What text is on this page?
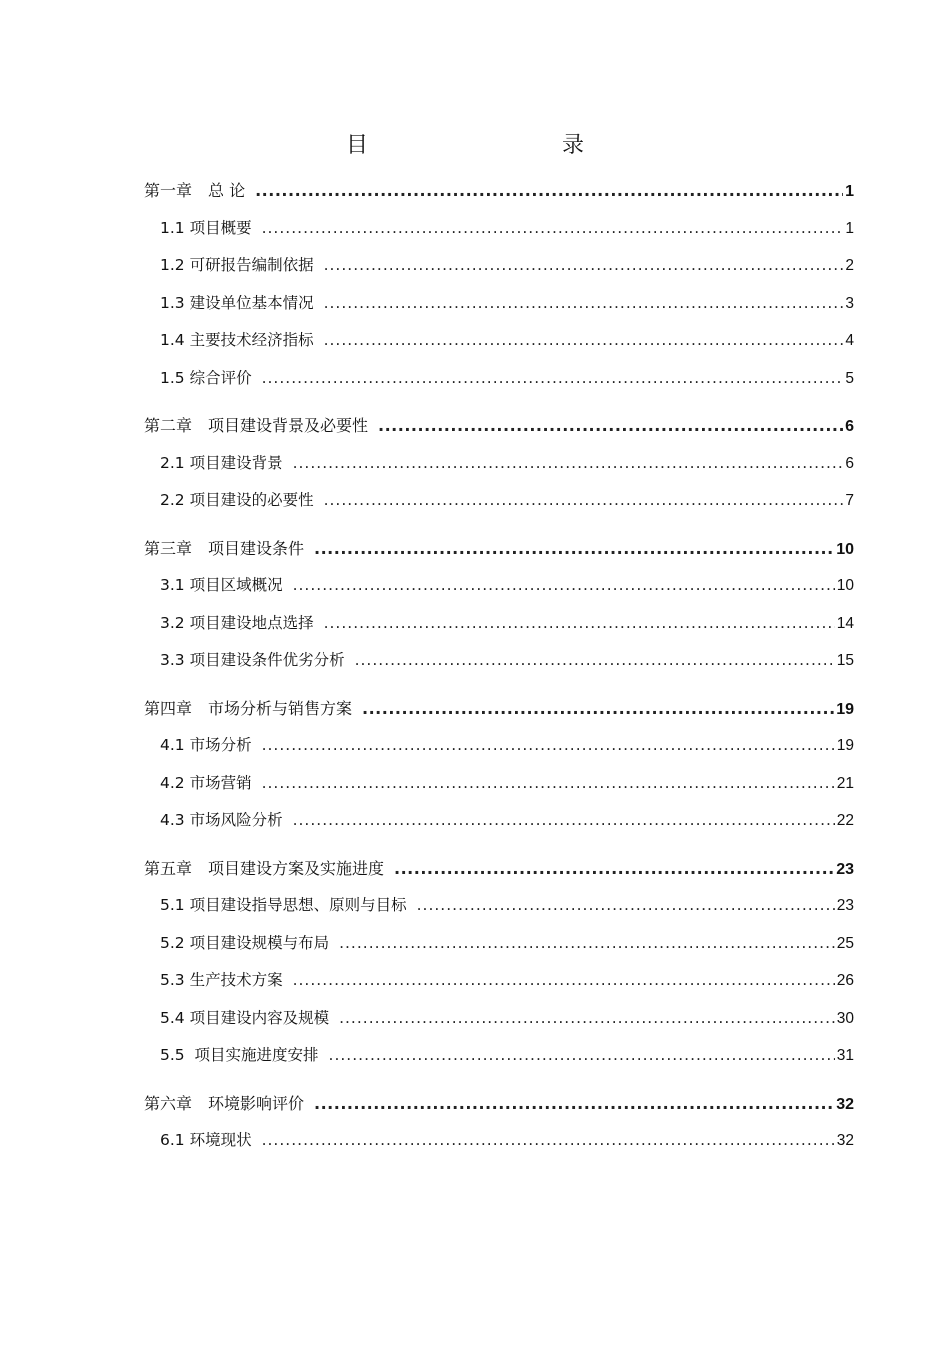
目　　录
第一章　总 论 .....	1
1.1 项目概要 .....	1
1.2 可研报告编制依据 .....	2
1.3 建设单位基本情况 .....	3
1.4 主要技术经济指标 .....	4
1.5 综合评价 .....	5
第二章　项目建设背景及必要性 .....	6
2.1 项目建设背景 .....	6
2.2 项目建设的必要性 .....	7
第三章　项目建设条件 .....	10
3.1 项目区域概况 .....	10
3.2 项目建设地点选择 .....	14
3.3 项目建设条件优劣分析 .....	15
第四章　市场分析与销售方案 .....	19
4.1 市场分析 .....	19
4.2 市场营销 .....	21
4.3 市场风险分析 .....	22
第五章　项目建设方案及实施进度 .....	23
5.1 项目建设指导思想、原则与目标 .....	23
5.2 项目建设规模与布局 .....	25
5.3 生产技术方案 .....	26
5.4 项目建设内容及规模 .....	30
5.5  项目实施进度安排 .....	31
第六章　环境影响评价 .....	32
6.1 环境现状 .....	32
